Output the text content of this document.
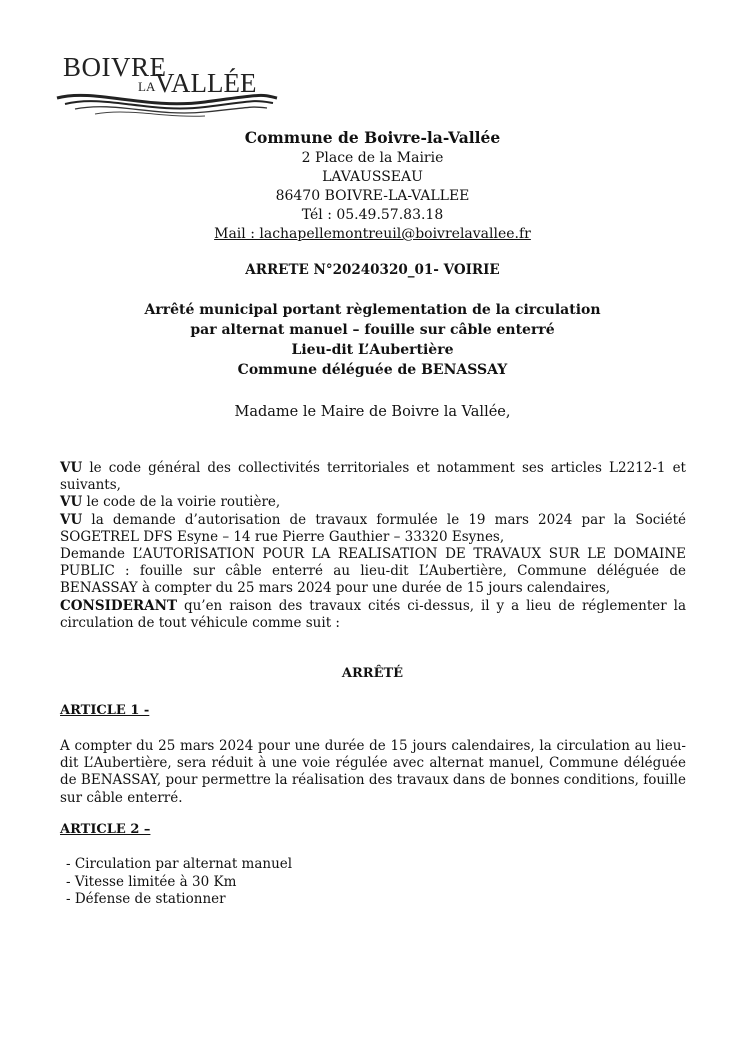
BOIVRE
VALLÉE
LA
Commune de Boivre-la-Vallée
2 Place de la Mairie
LAVAUSSEAU
86470 BOIVRE-LA-VALLEE
Tél : 05.49.57.83.18
Mail : lachapellemontreuil@boivrelavallee.fr
ARRETE N°20240320_01- VOIRIE
Arrêté municipal portant règlementation de la circulation
par alternat manuel – fouille sur câble enterré
Lieu-dit L’Aubertière
Commune déléguée de BENASSAY
Madame le Maire de Boivre la Vallée,
VU le code général des collectivités territoriales et notamment ses articles L2212-1 et suivants,
VU le code de la voirie routière,
VU la demande d’autorisation de travaux formulée le 19 mars 2024 par la Société SOGETREL DFS Esyne – 14 rue Pierre Gauthier – 33320 Esynes,
Demande L’AUTORISATION POUR LA REALISATION DE TRAVAUX SUR LE DOMAINE PUBLIC : fouille sur câble enterré au lieu-dit L’Aubertière, Commune déléguée de BENASSAY à compter du 25 mars 2024 pour une durée de 15 jours calendaires,
CONSIDERANT qu’en raison des travaux cités ci-dessus, il y a lieu de réglementer la circulation de tout véhicule comme suit :
ARRÊTÉ
ARTICLE 1 -
A compter du 25 mars 2024 pour une durée de 15 jours calendaires, la circulation au lieu-dit L’Aubertière, sera réduit à une voie régulée avec alternat manuel, Commune déléguée de BENASSAY, pour permettre la réalisation des travaux dans de bonnes conditions, fouille sur câble enterré.
ARTICLE 2 –
- Circulation par alternat manuel
- Vitesse limitée à 30 Km
- Défense de stationner
